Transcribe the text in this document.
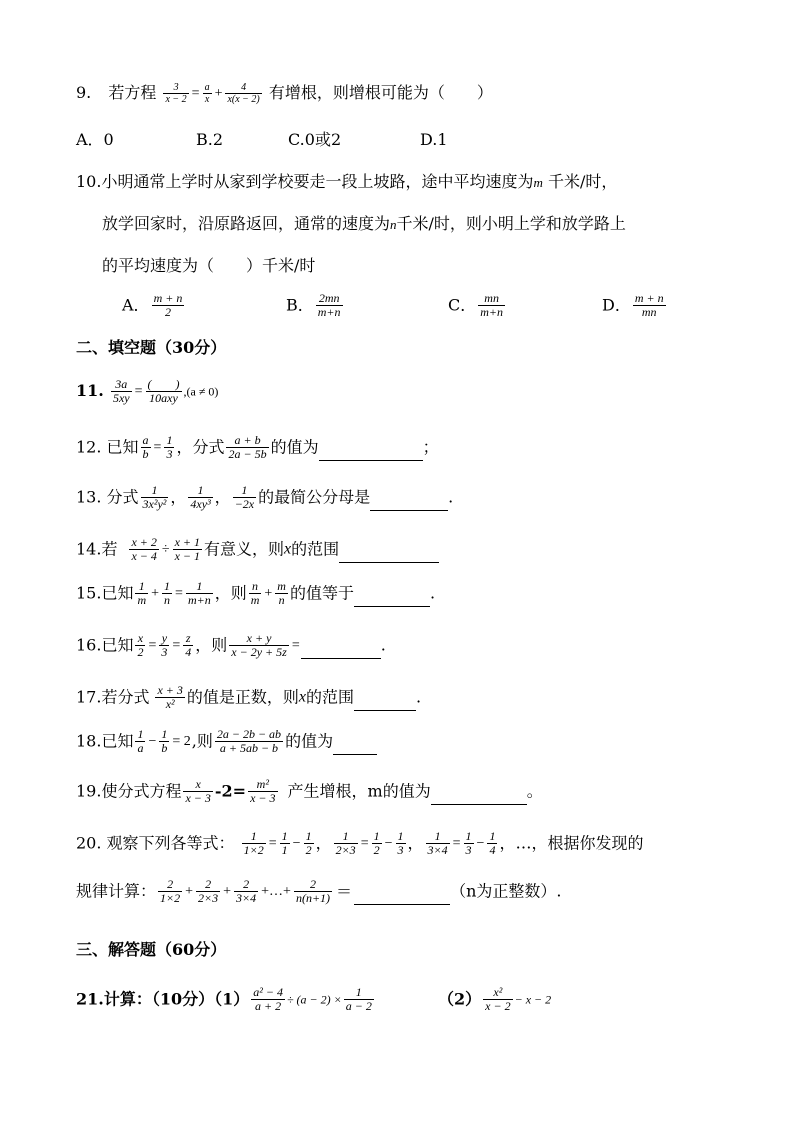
9. 若方程 $\frac{3}{x - 2} = \frac{a}{x} + \frac{4}{x(x - 2)}$ 有增根，则增根可能为（　　）
A．0	B.2	C.0或2	D.1
10.小明通常上学时从家到学校要走一段上坡路，途中平均速度为m 千米/时，
放学回家时，沿原路返回，通常的速度为n千米/时，则小明上学和放学路上
的平均速度为（　　）千米/时
A． $\frac{m + n}{2}$	B． $\frac{2mn}{m+n}$	C． $\frac{mn}{m+n}$	D． $\frac{m + n}{mn}$
二、填空题（30分）
11. $\frac{3a}{5xy} = \frac{( )}{\text{10axy}} ,(a \ne 0)$
12. 已知 $\frac{a}{b} = \frac{1}{3}$ ，分式 $\frac{a + b}{2a - 5b}$ 的值为	；
13. 分式 $\frac{1}{\text{3x²y²}}$ ， $\frac{1}{\text{4xy³}}$ ， $\frac{1}{-2x}$ 的最简公分母是	.
14.若 $\frac{x + 2}{x - 4} \div \frac{x + 1}{x - 1}$ 有意义，则x的范围
15.已知 $\frac{1}{m} + \frac{1}{n} = \frac{1}{m+n}$ ，则 $\frac{n}{m} + \frac{m}{n}$ 的值等于	.
16.已知 $\frac{x}{2} = \frac{y}{3} = \frac{z}{4}$ ，则 $\frac{x + y}{x - 2y + 5z}$ =	.
17.若分式 $\frac{x + 3}{\text{x²}}$ 的值是正数，则x的范围	.
18.已知 $\frac{1}{a} - \frac{1}{b} = 2$,则 $\frac{2a - 2b - ab}{a + 5ab - b}$ 的值为
19.使分式方程 $\frac{x}{x - 3} -2= \frac{\text{m²}}{x - 3}$ 产生增根，m的值为	。
20. 观察下列各等式： $\frac{1}{1\times 2} = \frac{1}{1} - \frac{1}{2}$ ， $\frac{1}{2\times 3} = \frac{1}{2} - \frac{1}{3}$ ， $\frac{1}{3\times 4} = \frac{1}{3} - \frac{1}{4}$ ，…，根据你发现的
规律计算： $\frac{2}{1\times 2} + \frac{2}{2\times 3} + \frac{2}{3\times 4}$ +…+ $\frac{2}{n(n+1)}$ ＝	（n为正整数）.
三、解答题（60分）
21.计算：（10分）$(1) \frac{\text{a² − 4}}{a + 2} \div (a - 2) \times \frac{1}{a - 2}$	$(2) \frac{\text{x²}}{x - 2} - x - 2$
